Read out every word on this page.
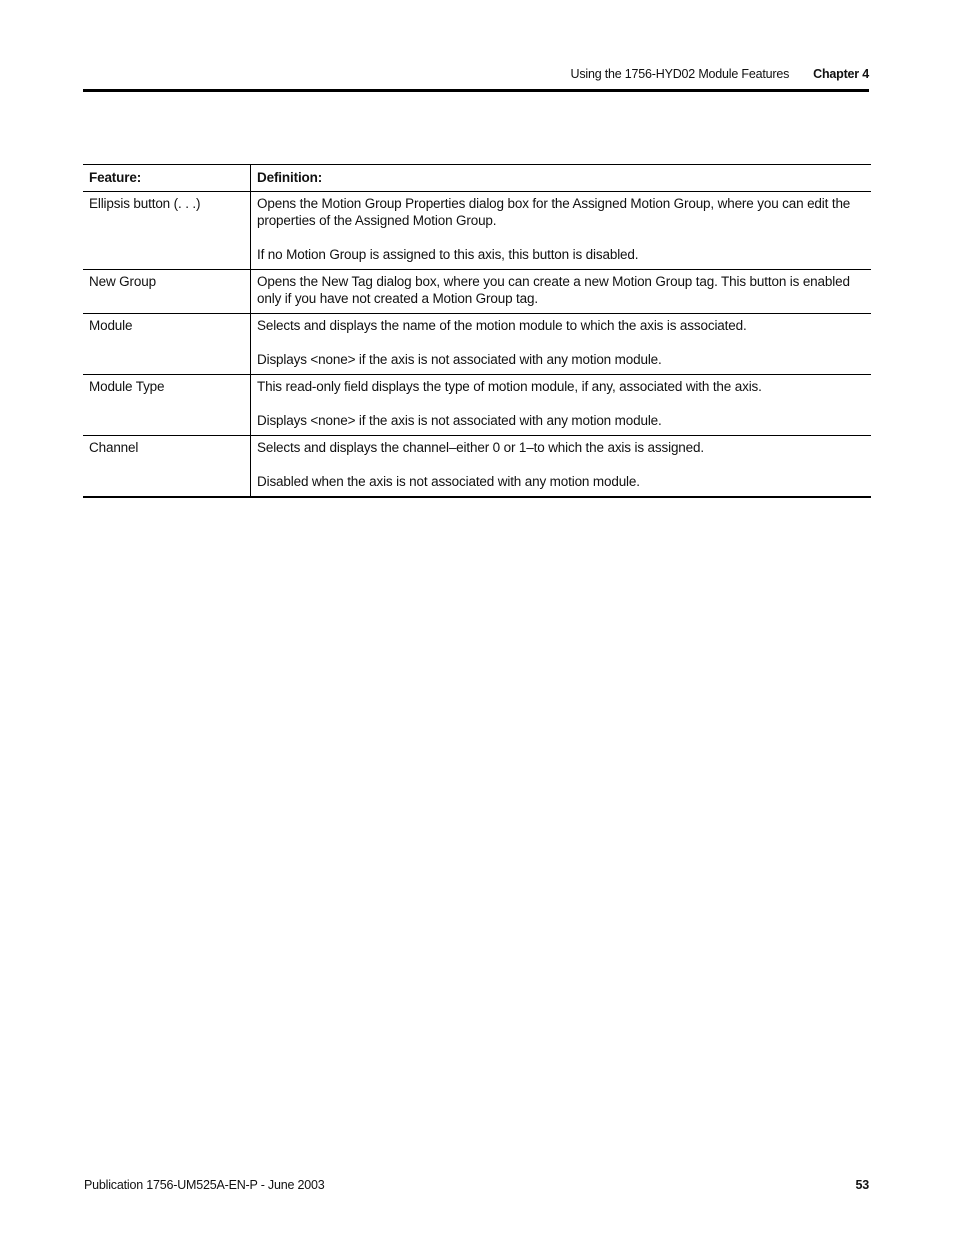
Using the 1756-HYD02 Module Features Chapter 4
Feature:	Definition:
Ellipsis button (. . .)	Opens the Motion Group Properties dialog box for the Assigned Motion Group, where you can edit the properties of the Assigned Motion Group.

If no Motion Group is assigned to this axis, this button is disabled.

New Group	Opens the New Tag dialog box, where you can create a new Motion Group tag. This button is enabled only if you have not created a Motion Group tag.

Module	Selects and displays the name of the motion module to which the axis is associated.

Displays <none> if the axis is not associated with any motion module.

Module Type	This read-only field displays the type of motion module, if any, associated with the axis.

Displays <none> if the axis is not associated with any motion module.

Channel	Selects and displays the channel–either 0 or 1–to which the axis is assigned.

Disabled when the axis is not associated with any motion module.

Publication 1756-UM525A-EN-P - June 2003	53
